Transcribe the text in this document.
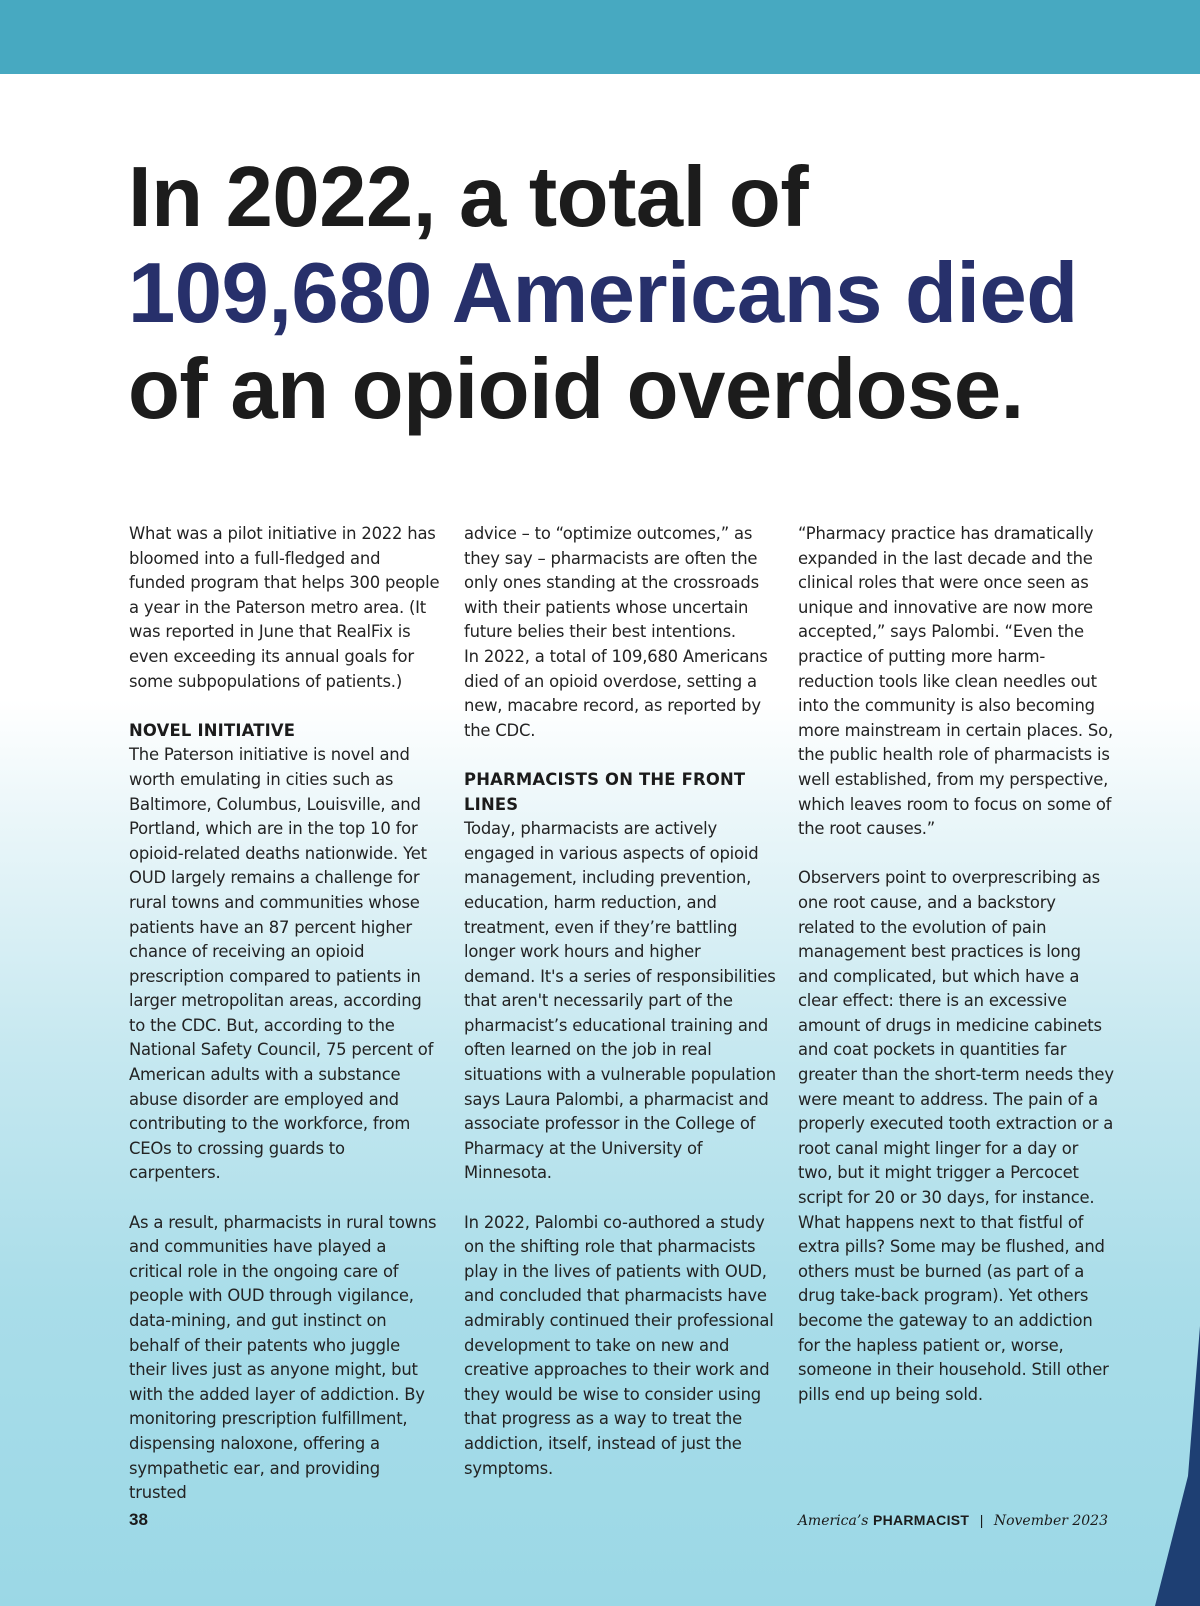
In 2022, a total of
109,680 Americans died
of an opioid overdose.

What was a pilot initiative in 2022 has bloomed into a full-fledged and funded program that helps 300 people a year in the Paterson metro area. (It was reported in June that RealFix is even exceeding its annual goals for some subpopulations of patients.)

NOVEL INITIATIVE

The Paterson initiative is novel and worth emulating in cities such as Baltimore, Columbus, Louisville, and Portland, which are in the top 10 for opioid-related deaths nationwide. Yet OUD largely remains a challenge for rural towns and communities whose patients have an 87 percent higher chance of receiving an opioid prescription compared to patients in larger metropolitan areas, according to the CDC. But, according to the National Safety Council, 75 percent of American adults with a substance abuse disorder are employed and contributing to the workforce, from CEOs to crossing guards to carpenters.

As a result, pharmacists in rural towns and communities have played a critical role in the ongoing care of people with OUD through vigilance, data-mining, and gut instinct on behalf of their patents who juggle their lives just as anyone might, but with the added layer of addiction. By monitoring prescription fulfillment, dispensing naloxone, offering a sympathetic ear, and providing trusted

advice – to “optimize outcomes,” as they say – pharmacists are often the only ones standing at the crossroads with their patients whose uncertain future belies their best intentions.

In 2022, a total of 109,680 Americans died of an opioid overdose, setting a new, macabre record, as reported by the CDC.

PHARMACISTS ON THE FRONT LINES

Today, pharmacists are actively engaged in various aspects of opioid management, including prevention, education, harm reduction, and treatment, even if they’re battling longer work hours and higher demand. It's a series of responsibilities that aren't necessarily part of the pharmacist’s educational training and often learned on the job in real situations with a vulnerable population says Laura Palombi, a pharmacist and associate professor in the College of Pharmacy at the University of Minnesota.

In 2022, Palombi co-authored a study on the shifting role that pharmacists play in the lives of patients with OUD, and concluded that pharmacists have admirably continued their professional development to take on new and creative approaches to their work and they would be wise to consider using that progress as a way to treat the addiction, itself, instead of just the symptoms.

“Pharmacy practice has dramatically expanded in the last decade and the clinical roles that were once seen as unique and innovative are now more accepted,” says Palombi. “Even the practice of putting more harm-reduction tools like clean needles out into the community is also becoming more mainstream in certain places. So, the public health role of pharmacists is well established, from my perspective, which leaves room to focus on some of the root causes.”

Observers point to overprescribing as one root cause, and a backstory related to the evolution of pain management best practices is long and complicated, but which have a clear effect: there is an excessive amount of drugs in medicine cabinets and coat pockets in quantities far greater than the short-term needs they were meant to address. The pain of a properly executed tooth extraction or a root canal might linger for a day or two, but it might trigger a Percocet script for 20 or 30 days, for instance. What happens next to that fistful of extra pills? Some may be flushed, and others must be burned (as part of a drug take-back program). Yet others become the gateway to an addiction for the hapless patient or, worse, someone in their household. Still other pills end up being sold.

38	America’s PHARMACIST | November 2023
